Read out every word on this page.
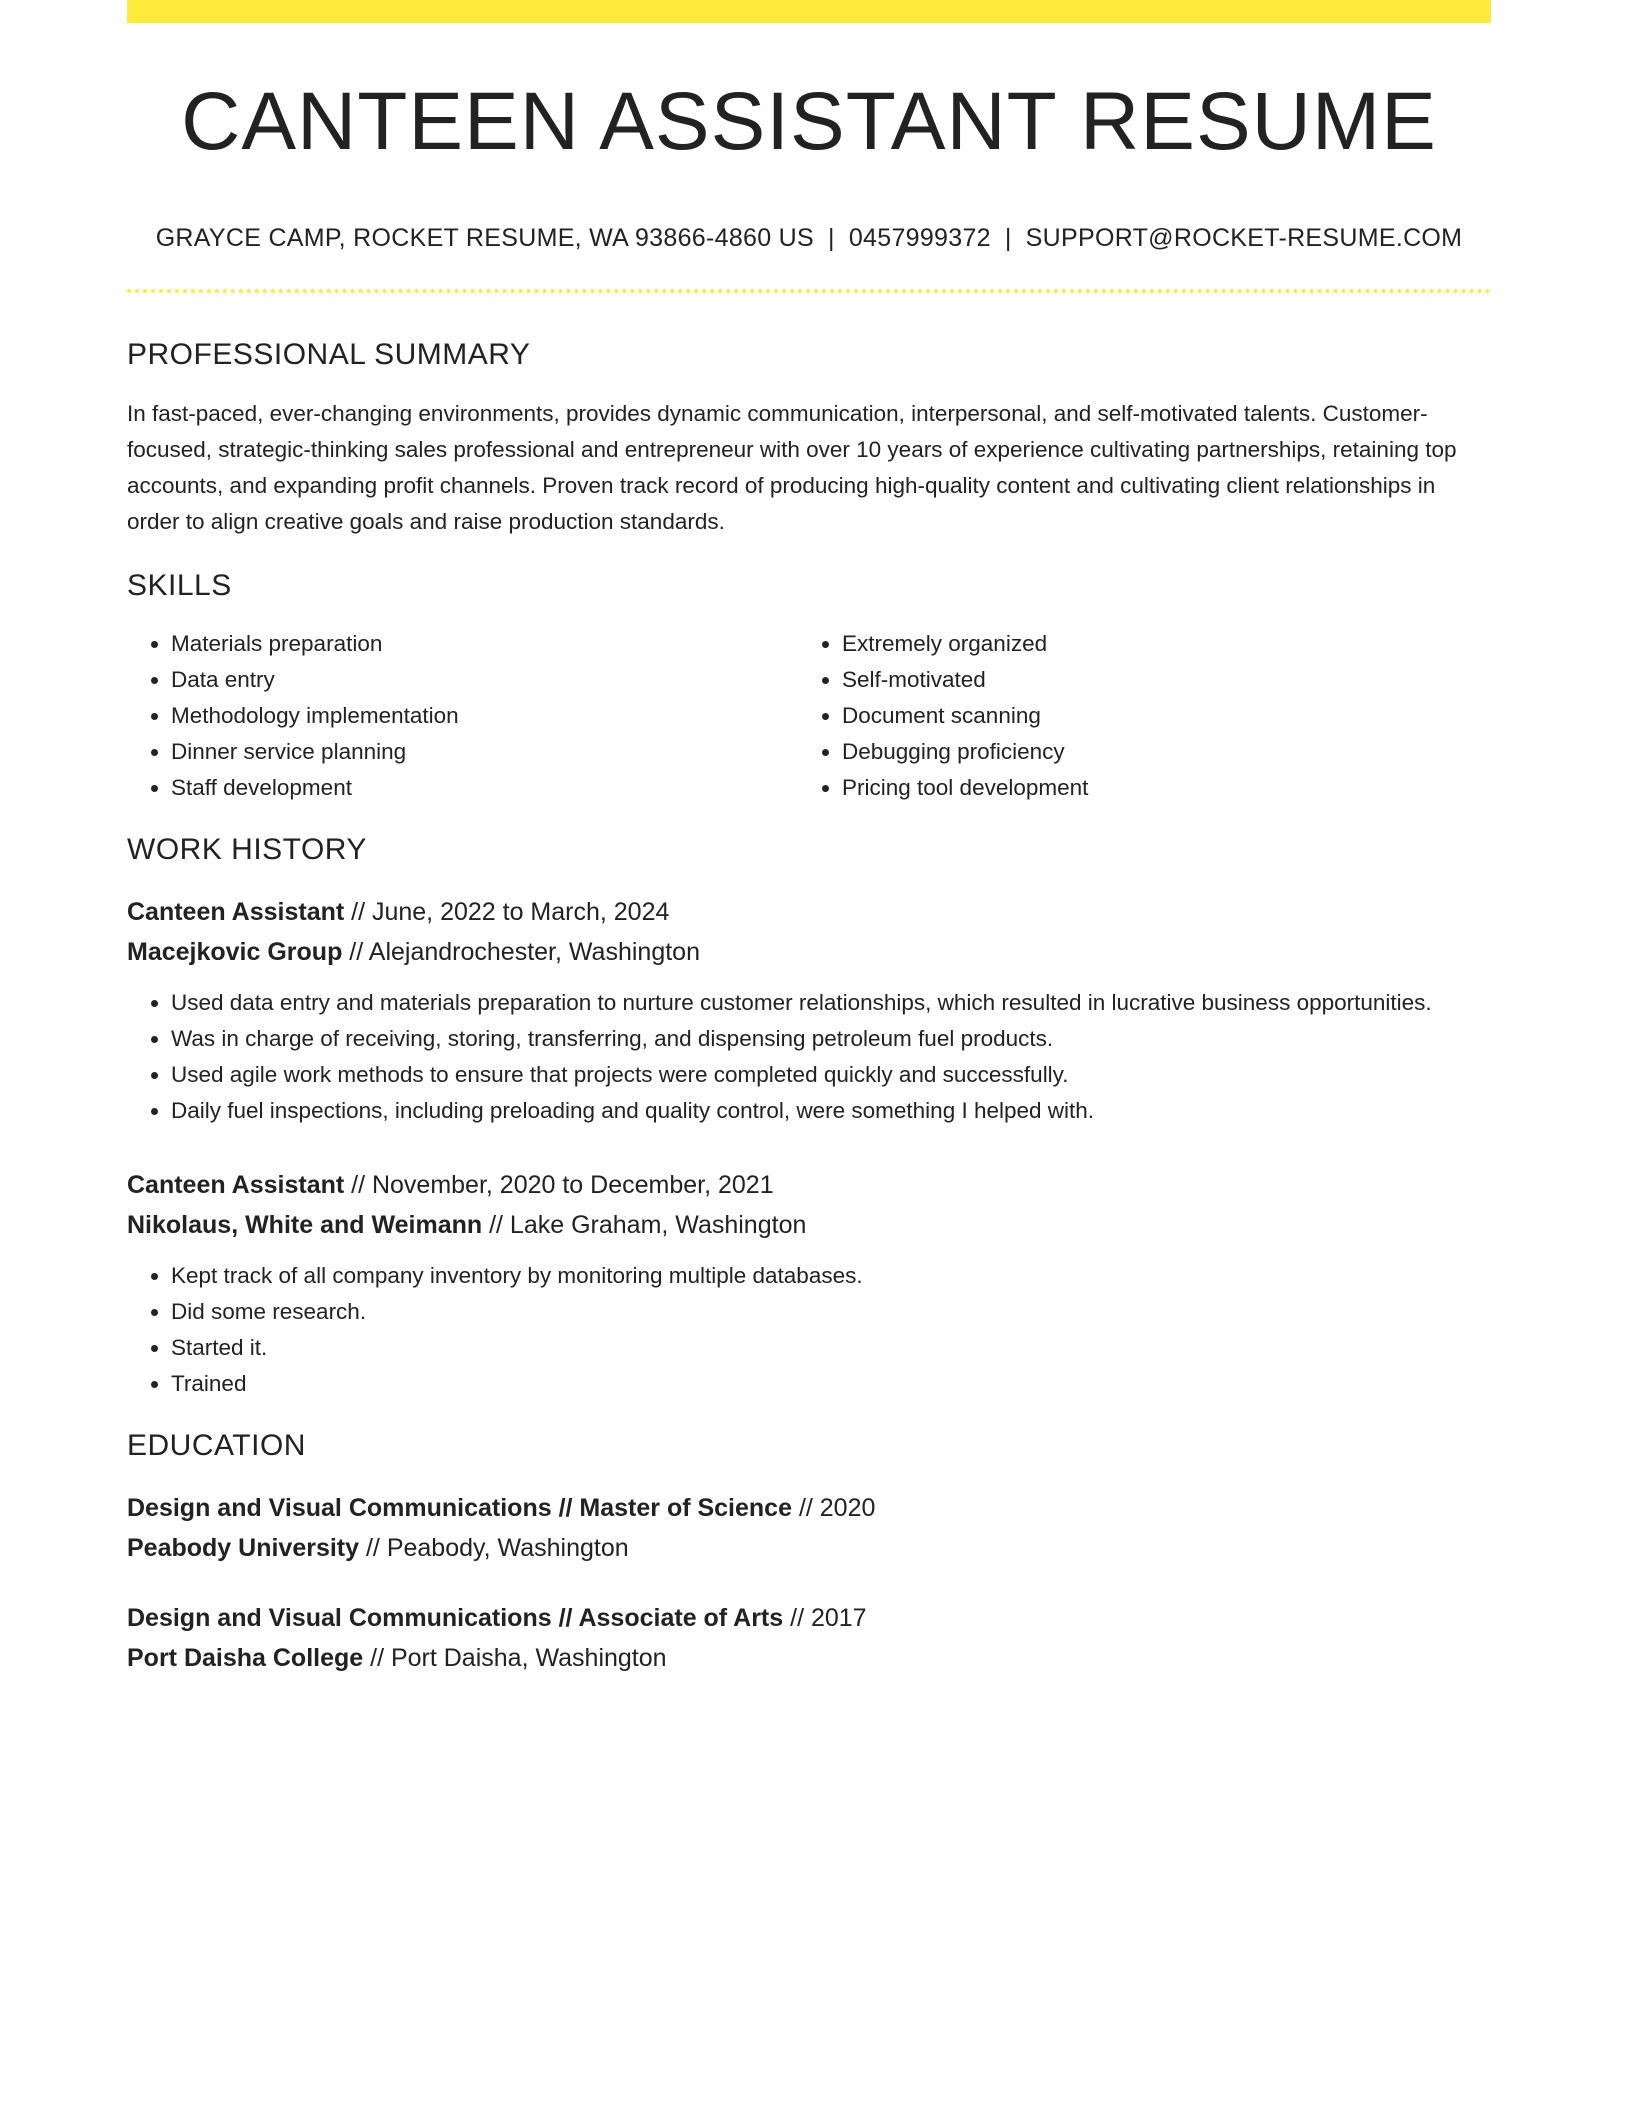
CANTEEN ASSISTANT RESUME
GRAYCE CAMP, ROCKET RESUME, WA 93866-4860 US | 0457999372 | SUPPORT@ROCKET-RESUME.COM
PROFESSIONAL SUMMARY

In fast-paced, ever-changing environments, provides dynamic communication, interpersonal, and self-motivated talents. Customer-focused, strategic-thinking sales professional and entrepreneur with over 10 years of experience cultivating partnerships, retaining top accounts, and expanding profit channels. Proven track record of producing high-quality content and cultivating client relationships in order to align creative goals and raise production standards.

SKILLS
• Materials preparation
• Data entry
• Methodology implementation
• Dinner service planning
• Staff development
• Extremely organized
• Self-motivated
• Document scanning
• Debugging proficiency
• Pricing tool development
WORK HISTORY
Canteen Assistant // June, 2022 to March, 2024
Macejkovic Group // Alejandrochester, Washington
• Used data entry and materials preparation to nurture customer relationships, which resulted in lucrative business opportunities.
• Was in charge of receiving, storing, transferring, and dispensing petroleum fuel products.
• Used agile work methods to ensure that projects were completed quickly and successfully.
• Daily fuel inspections, including preloading and quality control, were something I helped with.
Canteen Assistant // November, 2020 to December, 2021
Nikolaus, White and Weimann // Lake Graham, Washington
• Kept track of all company inventory by monitoring multiple databases.
• Did some research.
• Started it.
• Trained
EDUCATION
Design and Visual Communications // Master of Science // 2020
Peabody University // Peabody, Washington
Design and Visual Communications // Associate of Arts // 2017
Port Daisha College // Port Daisha, Washington
